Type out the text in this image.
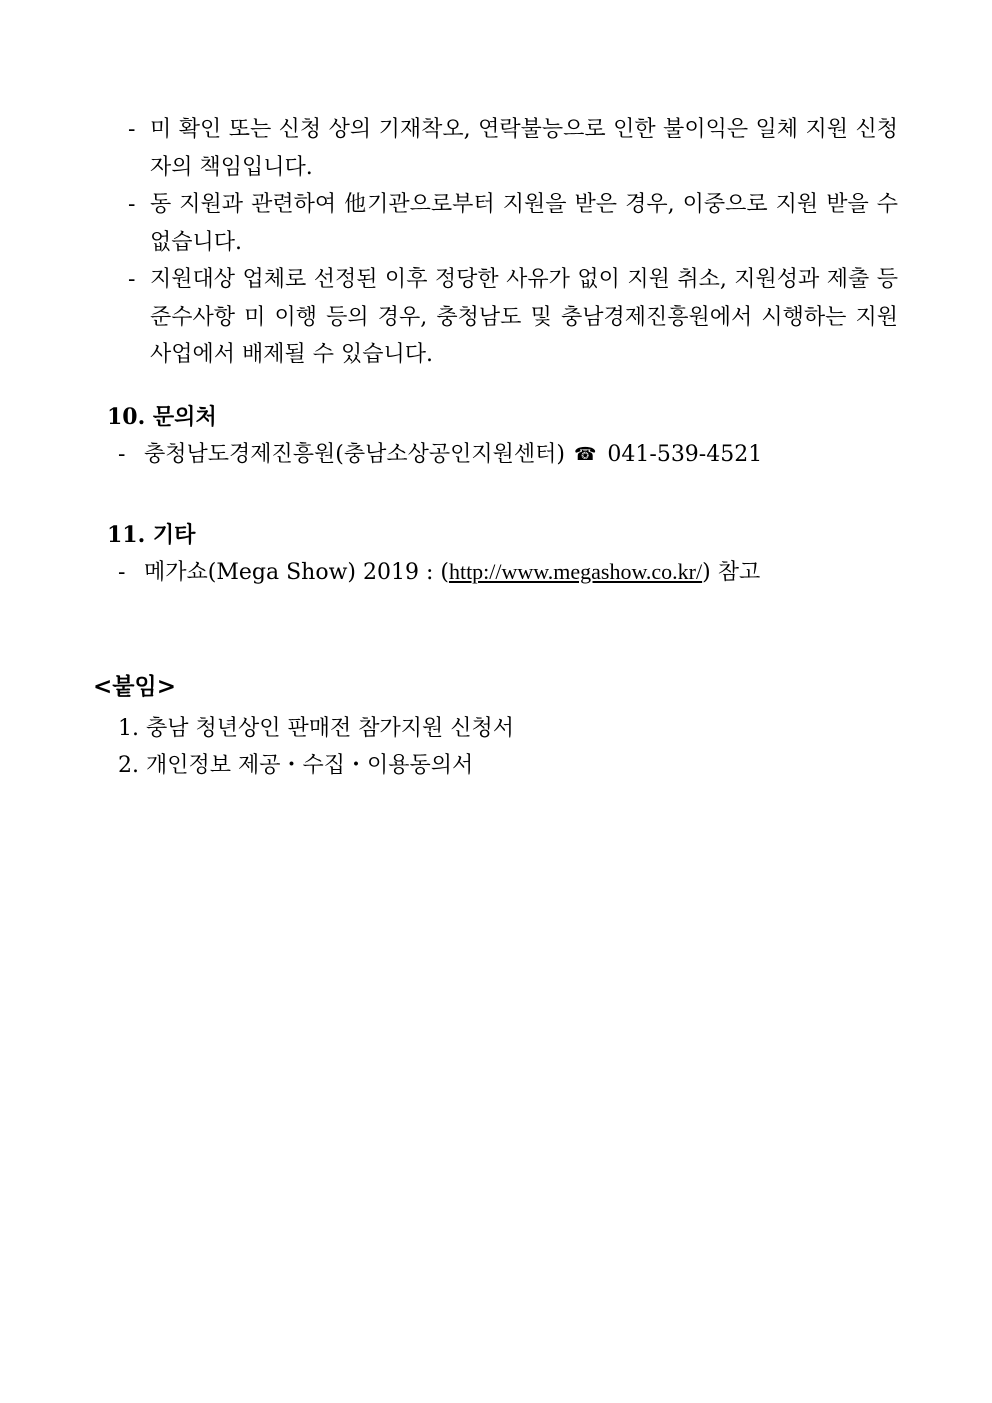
- 미 확인 또는 신청 상의 기재착오, 연락불능으로 인한 불이익은 일체 지원 신청자의 책임입니다.
- 동 지원과 관련하여 他기관으로부터 지원을 받은 경우, 이중으로 지원 받을 수 없습니다.
- 지원대상 업체로 선정된 이후 정당한 사유가 없이 지원 취소, 지원성과 제출 등 준수사항 미 이행 등의 경우, 충청남도 및 충남경제진흥원에서 시행하는 지원사업에서 배제될 수 있습니다.
10. 문의처

- 충청남도경제진흥원(충남소상공인지원센터) ☎ 041-539-4521

11. 기타

- 메가쇼(Mega Show) 2019 : (http://www.megashow.co.kr/) 참고

<붙임>
1. 충남 청년상인 판매전 참가지원 신청서
2. 개인정보 제공・수집・이용동의서
